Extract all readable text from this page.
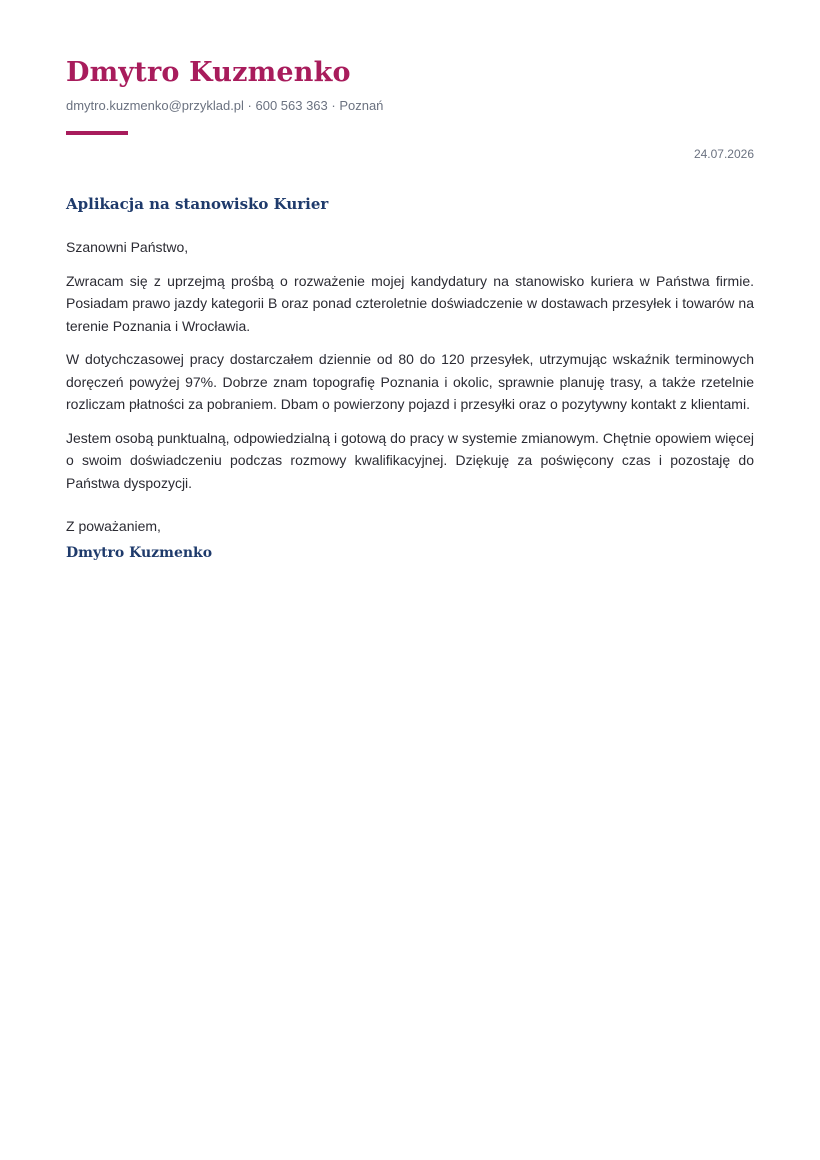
Dmytro Kuzmenko
dmytro.kuzmenko@przyklad.pl · 600 563 363 · Poznań
24.07.2026
Aplikacja na stanowisko Kurier

Szanowni Państwo,

Zwracam się z uprzejmą prośbą o rozważenie mojej kandydatury na stanowisko kuriera w Państwa firmie. Posiadam prawo jazdy kategorii B oraz ponad czteroletnie doświadczenie w dostawach przesyłek i towarów na terenie Poznania i Wrocławia.

W dotychczasowej pracy dostarczałem dziennie od 80 do 120 przesyłek, utrzymując wskaźnik terminowych doręczeń powyżej 97%. Dobrze znam topografię Poznania i okolic, sprawnie planuję trasy, a także rzetelnie rozliczam płatności za pobraniem. Dbam o powierzony pojazd i przesyłki oraz o pozytywny kontakt z klientami.

Jestem osobą punktualną, odpowiedzialną i gotową do pracy w systemie zmianowym. Chętnie opowiem więcej o swoim doświadczeniu podczas rozmowy kwalifikacyjnej. Dziękuję za poświęcony czas i pozostaję do Państwa dyspozycji.

Z poważaniem,
Dmytro Kuzmenko
